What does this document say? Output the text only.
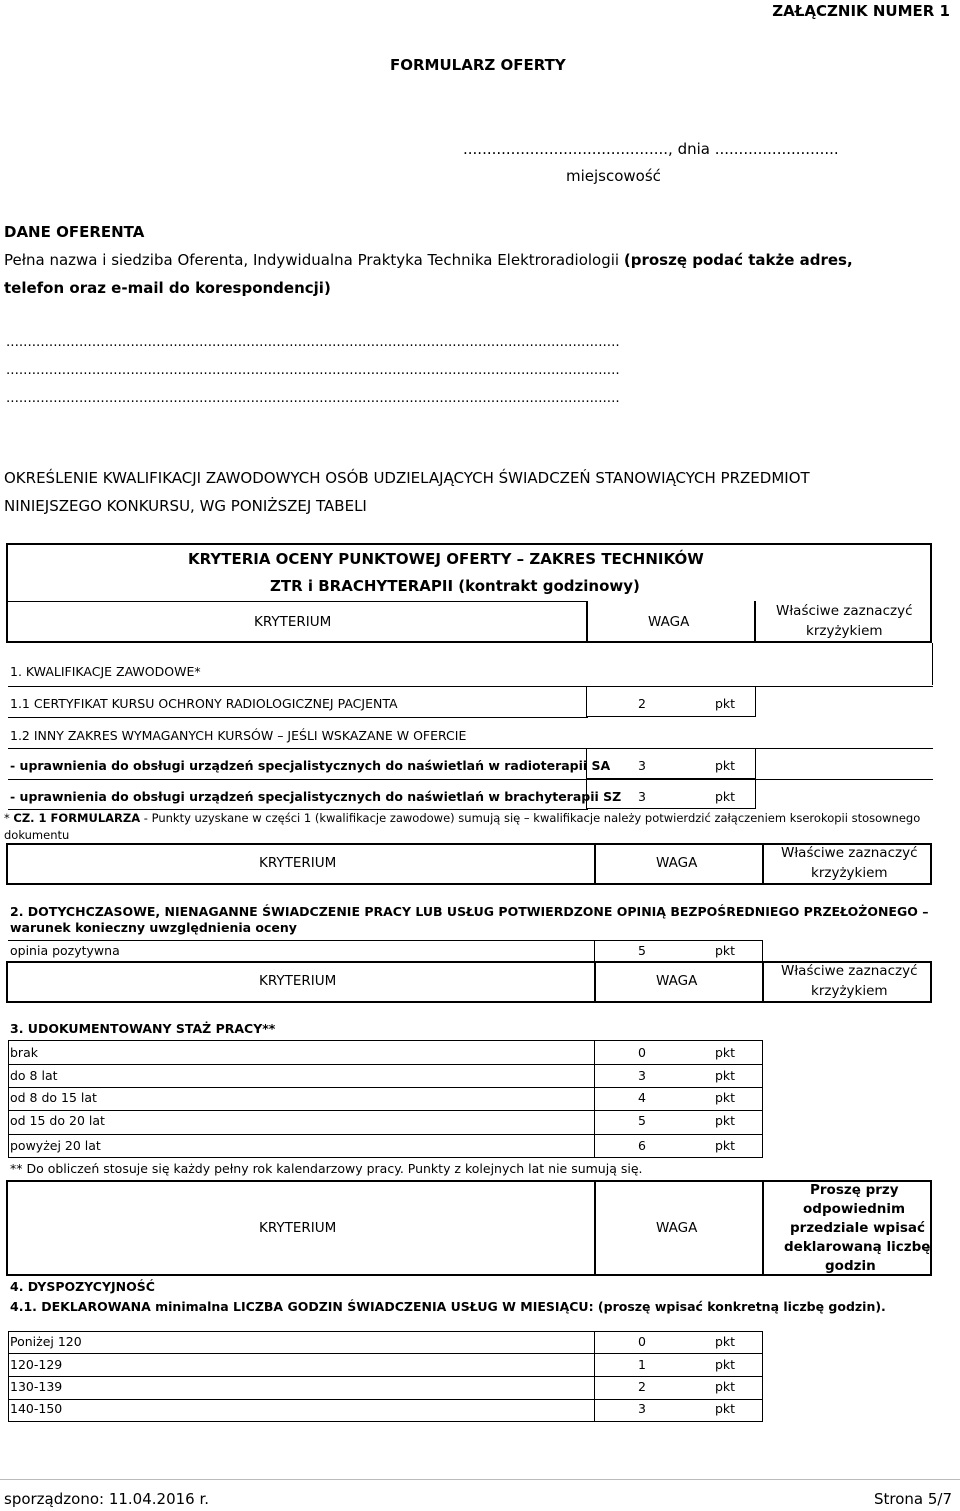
ZAŁĄCZNIK NUMER 1
FORMULARZ OFERTY
..........................................., dnia ..........................
miejscowość
DANE OFERENTA
Pełna nazwa i siedziba Oferenta, Indywidualna Praktyka Technika Elektroradiologii (proszę podać także adres,
telefon oraz e-mail do korespondencji)
...............................................................................................................................................
...............................................................................................................................................
...............................................................................................................................................
OKREŚLENIE KWALIFIKACJI ZAWODOWYCH OSÓB UDZIELAJĄCYCH ŚWIADCZEŃ STANOWIĄCYCH PRZEDMIOT
NINIEJSZEGO KONKURSU, WG PONIŻSZEJ TABELI
KRYTERIA OCENY PUNKTOWEJ OFERTY – ZAKRES TECHNIKÓW
ZTR i BRACHYTERAPII (kontrakt godzinowy)
KRYTERIUM	WAGA
Właściwe zaznaczyć
krzyżykiem
1. KWALIFIKACJE ZAWODOWE*
1.1 CERTYFIKAT KURSU OCHRONY RADIOLOGICZNEJ PACJENTA	2	pkt
1.2 INNY ZAKRES WYMAGANYCH KURSÓW – JEŚLI WSKAZANE W OFERCIE
- uprawnienia do obsługi urządzeń specjalistycznych do naświetlań w radioterapii SA 3	pkt
- uprawnienia do obsługi urządzeń specjalistycznych do naświetlań w brachyterapii SZ 3	pkt
* CZ. 1 FORMULARZA - Punkty uzyskane w części 1 (kwalifikacje zawodowe) sumują się – kwalifikacje należy potwierdzić załączeniem kserokopii stosownego
dokumentu
KRYTERIUM	WAGA
Właściwe zaznaczyć
krzyżykiem
2. DOTYCHCZASOWE, NIENAGANNE ŚWIADCZENIE PRACY LUB USŁUG POTWIERDZONE OPINIĄ BEZPOŚREDNIEGO PRZEŁOŻONEGO –
warunek konieczny uwzględnienia oceny
opinia pozytywna	5	pkt
KRYTERIUM	WAGA
Właściwe zaznaczyć
krzyżykiem
3. UDOKUMENTOWANY STAŻ PRACY**
brak	0	pkt
do 8 lat	3	pkt
od 8 do 15 lat	4	pkt
od 15 do 20 lat	5	pkt
powyżej 20 lat	6	pkt
** Do obliczeń stosuje się każdy pełny rok kalendarzowy pracy. Punkty z kolejnych lat nie sumują się.
KRYTERIUM	WAGA
Proszę przy
odpowiednim
przedziale wpisać
deklarowaną liczbę
godzin
4. DYSPOZYCYJNOŚĆ
4.1. DEKLAROWANA minimalna LICZBA GODZIN ŚWIADCZENIA USŁUG W MIESIĄCU: (proszę wpisać konkretną liczbę godzin).
Poniżej 120	0	pkt
120-129	1	pkt
130-139	2	pkt
140-150	3	pkt
sporządzono: 11.04.2016 r.	Strona 5/7
